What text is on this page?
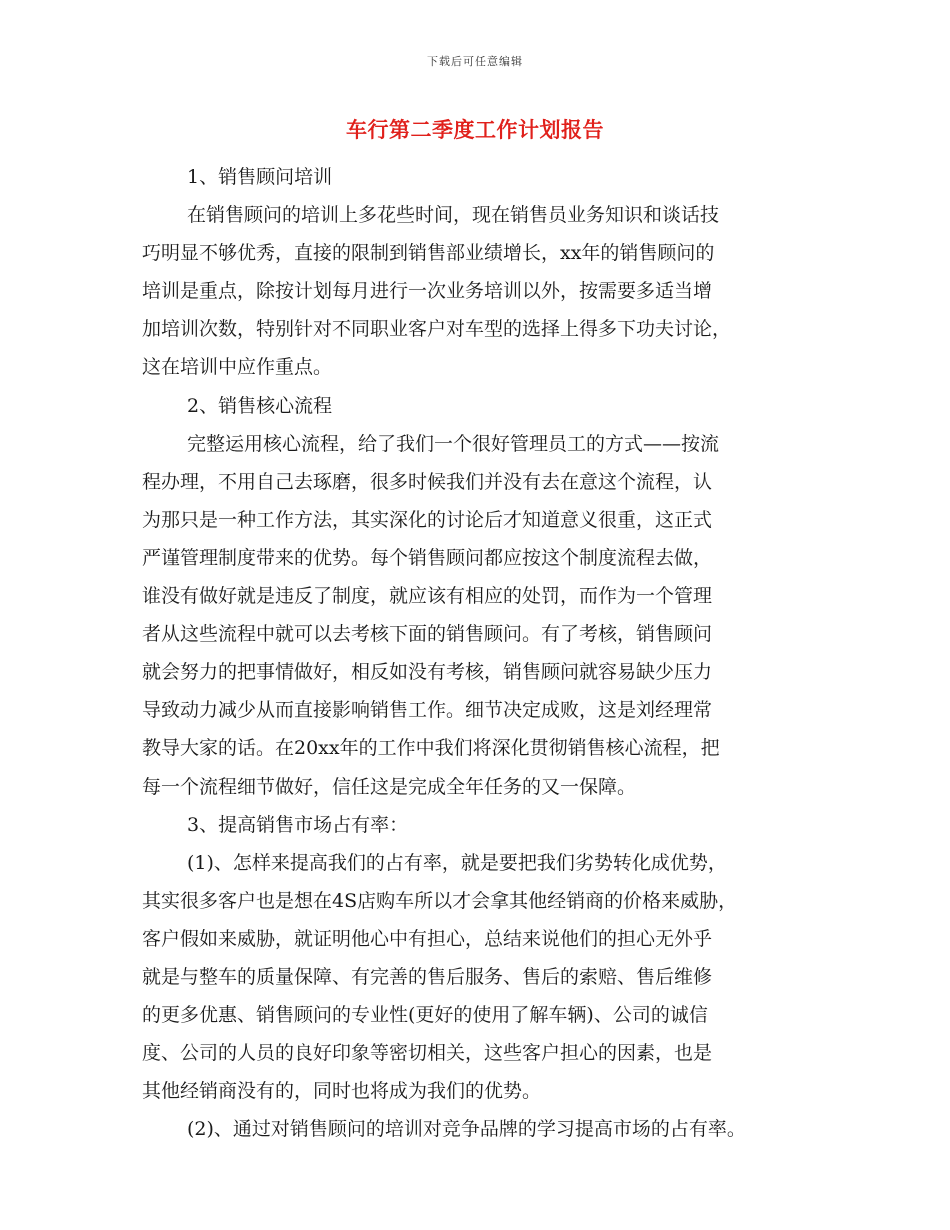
下载后可任意编辑
车行第二季度工作计划报告
1、销售顾问培训
在销售顾问的培训上多花些时间，现在销售员业务知识和谈话技
巧明显不够优秀，直接的限制到销售部业绩增长，xx年的销售顾问的
培训是重点，除按计划每月进行一次业务培训以外，按需要多适当增
加培训次数，特别针对不同职业客户对车型的选择上得多下功夫讨论，
这在培训中应作重点。
2、销售核心流程
完整运用核心流程，给了我们一个很好管理员工的方式——按流
程办理，不用自己去琢磨，很多时候我们并没有去在意这个流程，认
为那只是一种工作方法，其实深化的讨论后才知道意义很重，这正式
严谨管理制度带来的优势。每个销售顾问都应按这个制度流程去做，
谁没有做好就是违反了制度，就应该有相应的处罚，而作为一个管理
者从这些流程中就可以去考核下面的销售顾问。有了考核，销售顾问
就会努力的把事情做好，相反如没有考核，销售顾问就容易缺少压力
导致动力减少从而直接影响销售工作。细节决定成败，这是刘经理常
教导大家的话。在20xx年的工作中我们将深化贯彻销售核心流程，把
每一个流程细节做好，信任这是完成全年任务的又一保障。
3、提高销售市场占有率：
(1)、怎样来提高我们的占有率，就是要把我们劣势转化成优势，
其实很多客户也是想在4S店购车所以才会拿其他经销商的价格来威胁，
客户假如来威胁，就证明他心中有担心，总结来说他们的担心无外乎
就是与整车的质量保障、有完善的售后服务、售后的索赔、售后维修
的更多优惠、销售顾问的专业性(更好的使用了解车辆)、公司的诚信
度、公司的人员的良好印象等密切相关，这些客户担心的因素，也是
其他经销商没有的，同时也将成为我们的优势。
(2)、通过对销售顾问的培训对竞争品牌的学习提高市场的占有率。
